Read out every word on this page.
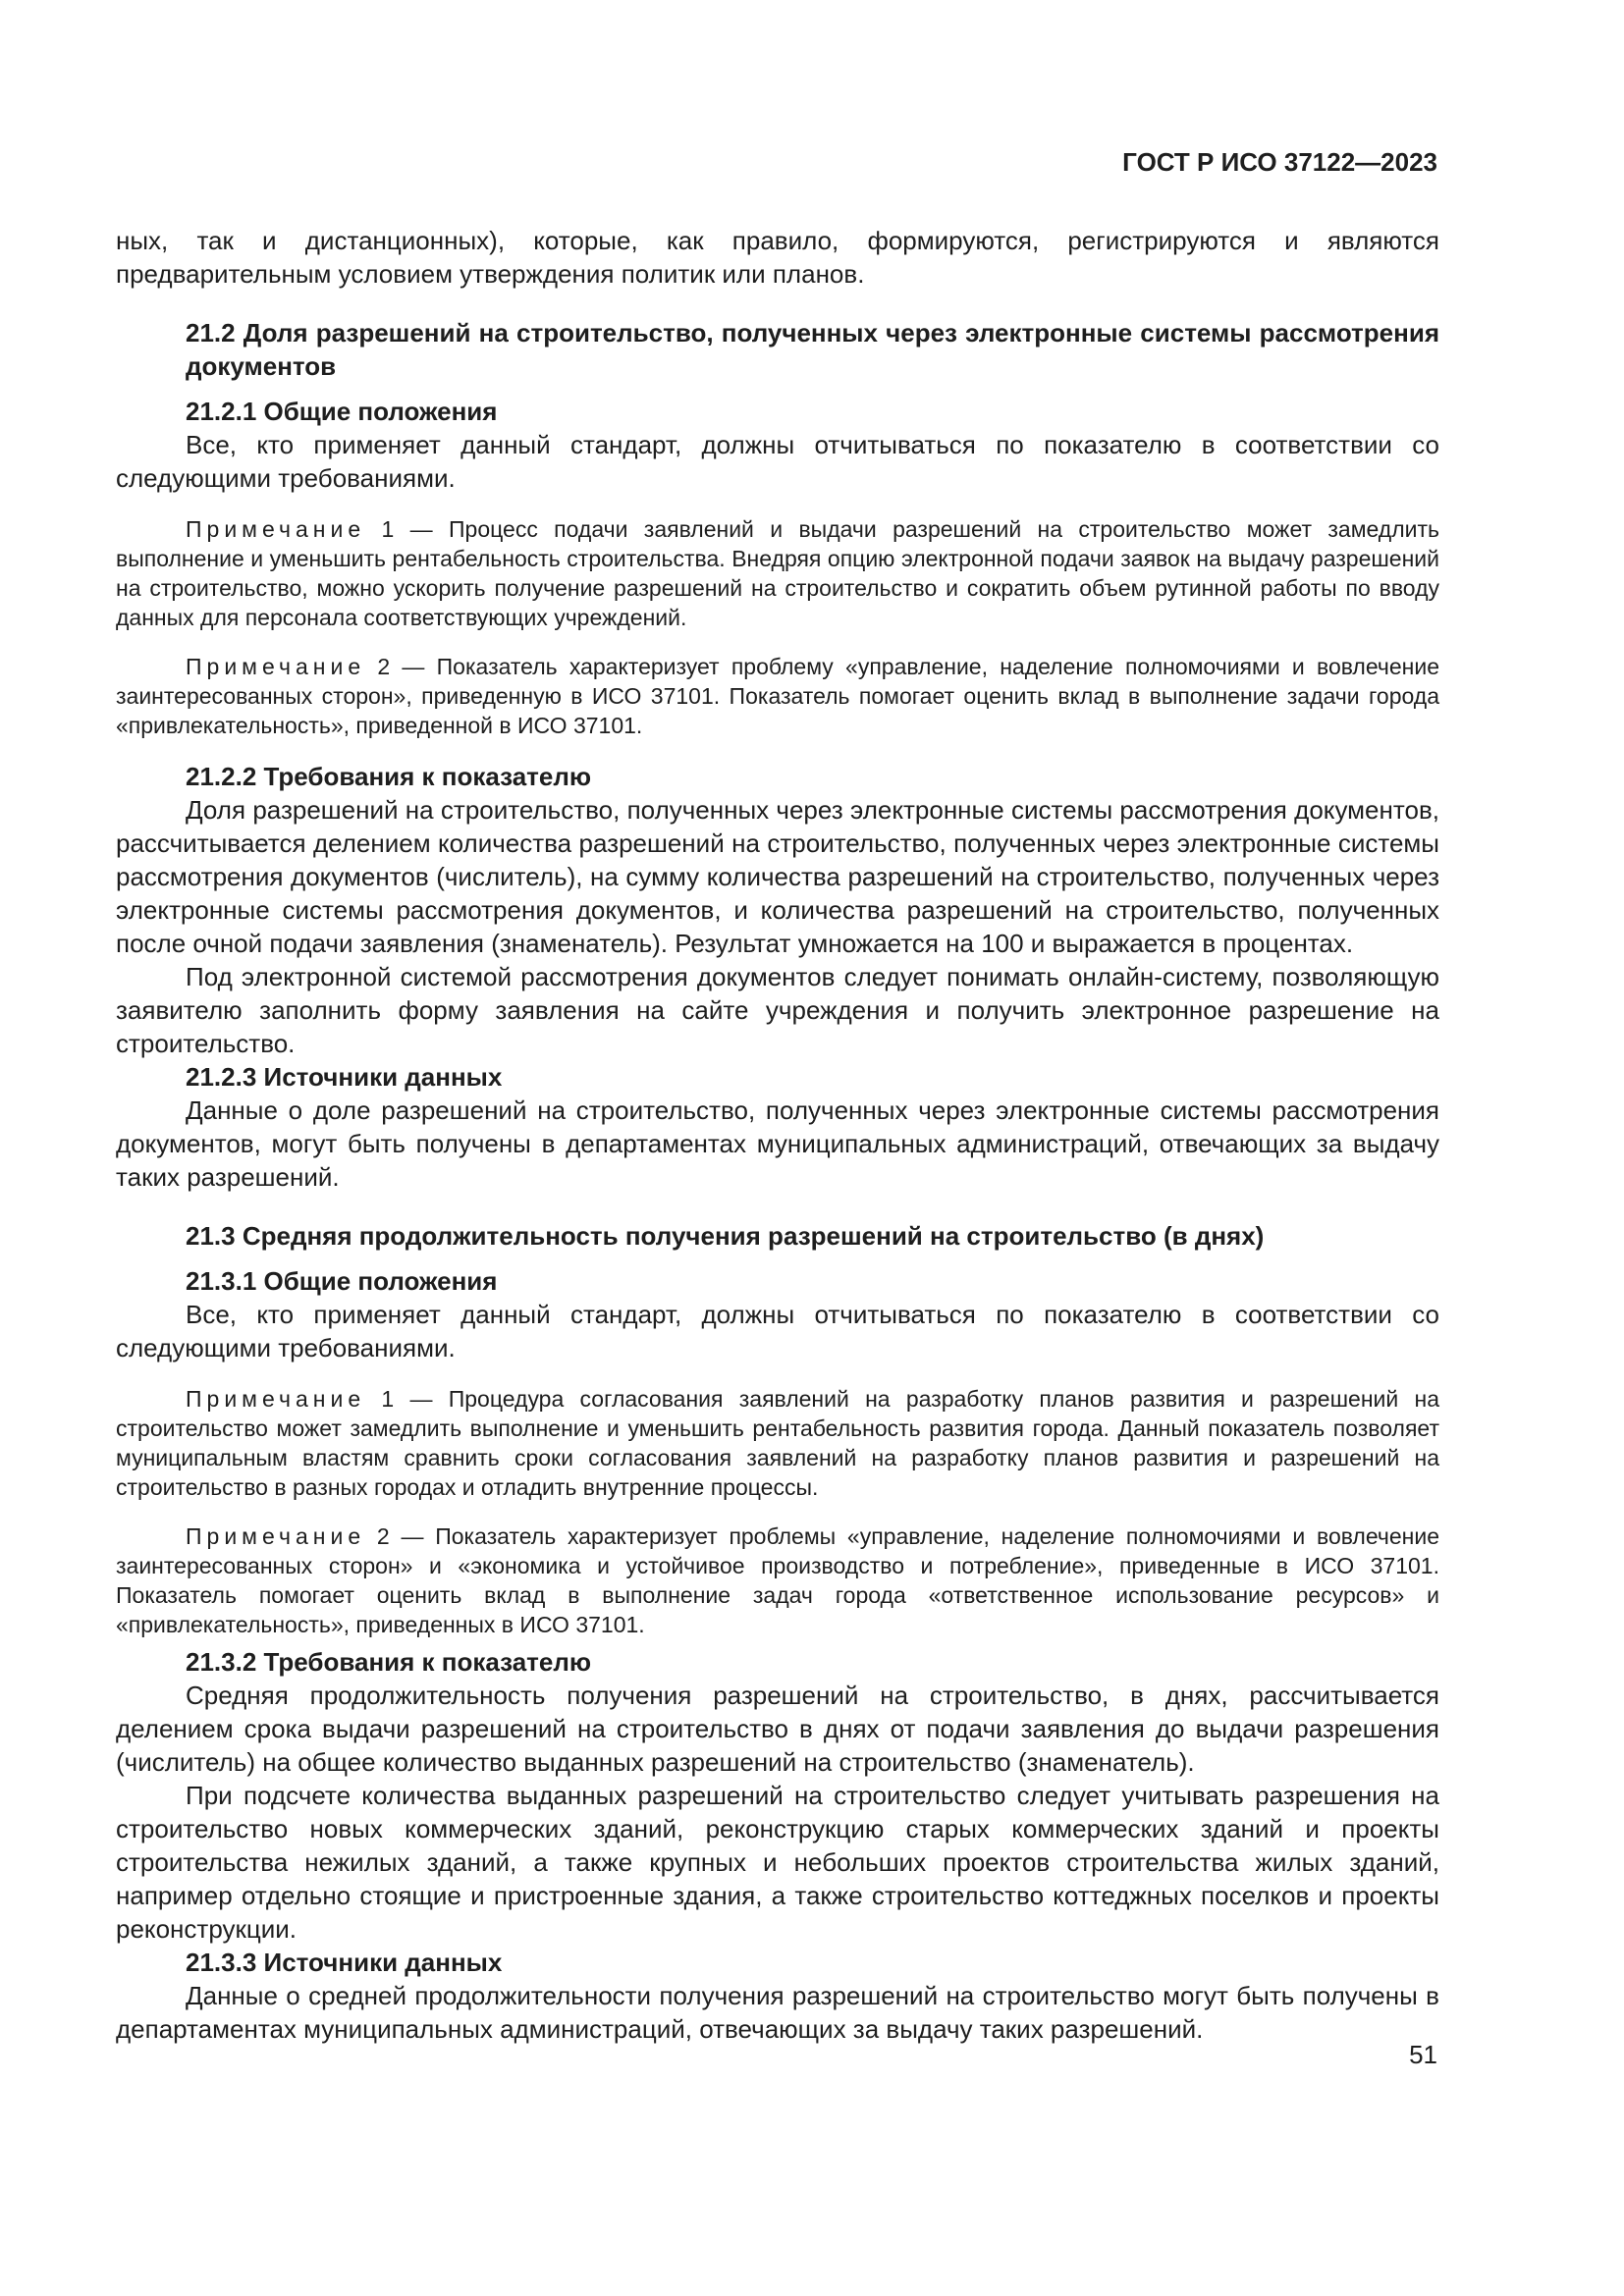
ГОСТ Р ИСО 37122—2023

ных, так и дистанционных), которые, как правило, формируются, регистрируются и являются предварительным условием утверждения политик или планов.

21.2 Доля разрешений на строительство, полученных через электронные системы рассмотрения документов

21.2.1 Общие положения

Все, кто применяет данный стандарт, должны отчитываться по показателю в соответствии со следующими требованиями.

Примечание 1 — Процесс подачи заявлений и выдачи разрешений на строительство может замедлить выполнение и уменьшить рентабельность строительства. Внедряя опцию электронной подачи заявок на выдачу разрешений на строительство, можно ускорить получение разрешений на строительство и сократить объем рутинной работы по вводу данных для персонала соответствующих учреждений.

Примечание 2 — Показатель характеризует проблему «управление, наделение полномочиями и вовлечение заинтересованных сторон», приведенную в ИСО 37101. Показатель помогает оценить вклад в выполнение задачи города «привлекательность», приведенной в ИСО 37101.

21.2.2 Требования к показателю

Доля разрешений на строительство, полученных через электронные системы рассмотрения документов, рассчитывается делением количества разрешений на строительство, полученных через электронные системы рассмотрения документов (числитель), на сумму количества разрешений на строительство, полученных через электронные системы рассмотрения документов, и количества разрешений на строительство, полученных после очной подачи заявления (знаменатель). Результат умножается на 100 и выражается в процентах.

Под электронной системой рассмотрения документов следует понимать онлайн-систему, позволяющую заявителю заполнить форму заявления на сайте учреждения и получить электронное разрешение на строительство.

21.2.3 Источники данных

Данные о доле разрешений на строительство, полученных через электронные системы рассмотрения документов, могут быть получены в департаментах муниципальных администраций, отвечающих за выдачу таких разрешений.

21.3 Средняя продолжительность получения разрешений на строительство (в днях)

21.3.1 Общие положения

Все, кто применяет данный стандарт, должны отчитываться по показателю в соответствии со следующими требованиями.

Примечание 1 — Процедура согласования заявлений на разработку планов развития и разрешений на строительство может замедлить выполнение и уменьшить рентабельность развития города. Данный показатель позволяет муниципальным властям сравнить сроки согласования заявлений на разработку планов развития и разрешений на строительство в разных городах и отладить внутренние процессы.

Примечание 2 — Показатель характеризует проблемы «управление, наделение полномочиями и вовлечение заинтересованных сторон» и «экономика и устойчивое производство и потребление», приведенные в ИСО 37101. Показатель помогает оценить вклад в выполнение задач города «ответственное использование ресурсов» и «привлекательность», приведенных в ИСО 37101.

21.3.2 Требования к показателю

Средняя продолжительность получения разрешений на строительство, в днях, рассчитывается делением срока выдачи разрешений на строительство в днях от подачи заявления до выдачи разрешения (числитель) на общее количество выданных разрешений на строительство (знаменатель).

При подсчете количества выданных разрешений на строительство следует учитывать разрешения на строительство новых коммерческих зданий, реконструкцию старых коммерческих зданий и проекты строительства нежилых зданий, а также крупных и небольших проектов строительства жилых зданий, например отдельно стоящие и пристроенные здания, а также строительство коттеджных поселков и проекты реконструкции.

21.3.3 Источники данных

Данные о средней продолжительности получения разрешений на строительство могут быть получены в департаментах муниципальных администраций, отвечающих за выдачу таких разрешений.

51
